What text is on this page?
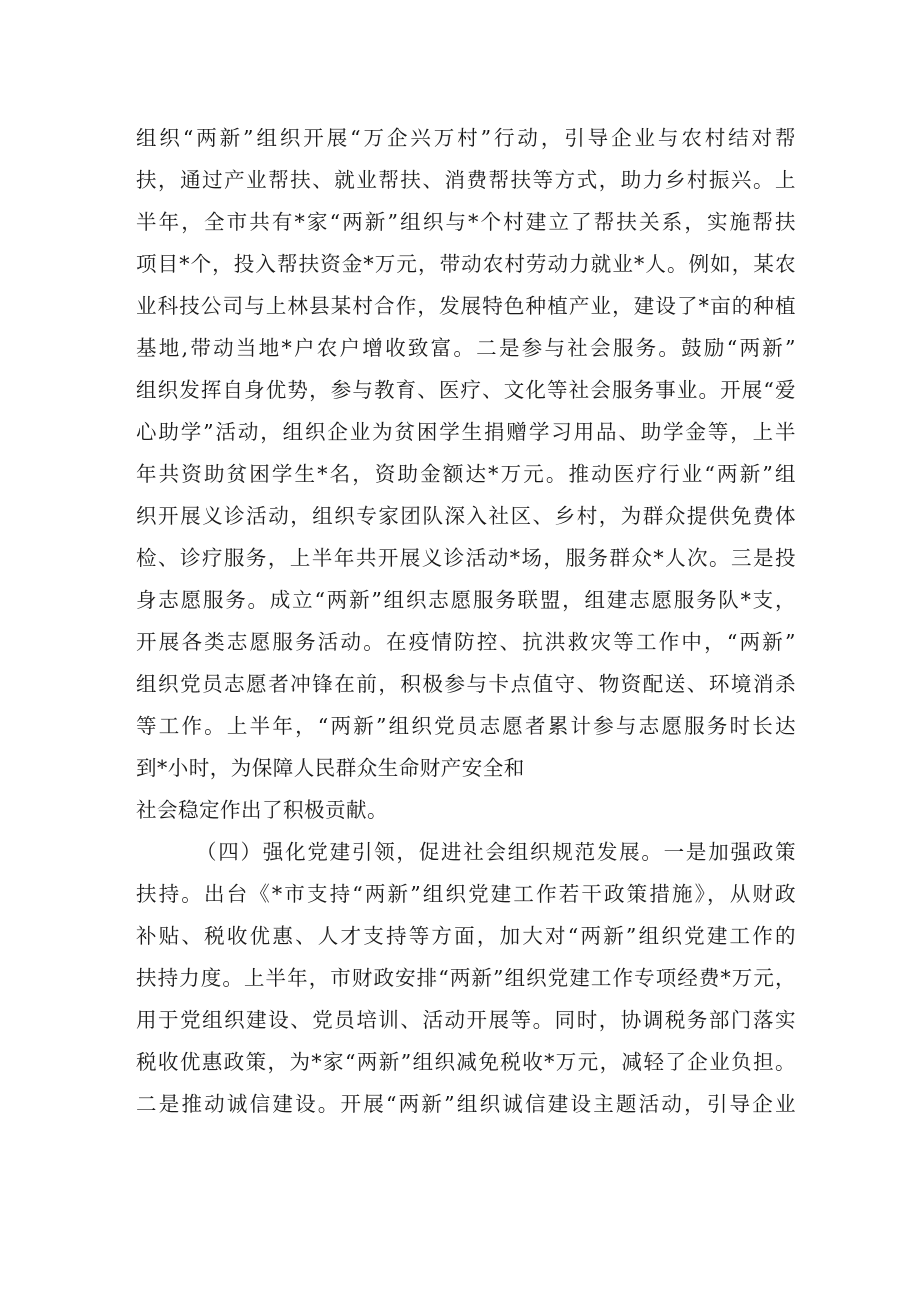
组织“两新”组织开展“万企兴万村”行动，引导企业与农村结对帮
扶，通过产业帮扶、就业帮扶、消费帮扶等方式，助力乡村振兴。上
半年，全市共有*家“两新”组织与*个村建立了帮扶关系，实施帮扶
项目*个，投入帮扶资金*万元，带动农村劳动力就业*人。例如，某农
业科技公司与上林县某村合作，发展特色种植产业，建设了*亩的种植
基地,带动当地*户农户增收致富。二是参与社会服务。鼓励“两新”
组织发挥自身优势，参与教育、医疗、文化等社会服务事业。开展“爱
心助学”活动，组织企业为贫困学生捐赠学习用品、助学金等，上半
年共资助贫困学生*名，资助金额达*万元。推动医疗行业“两新”组
织开展义诊活动，组织专家团队深入社区、乡村，为群众提供免费体
检、诊疗服务，上半年共开展义诊活动*场，服务群众*人次。三是投
身志愿服务。成立“两新”组织志愿服务联盟，组建志愿服务队*支，
开展各类志愿服务活动。在疫情防控、抗洪救灾等工作中，“两新”
组织党员志愿者冲锋在前，积极参与卡点值守、物资配送、环境消杀
等工作。上半年，“两新”组织党员志愿者累计参与志愿服务时长达
到*小时，为保障人民群众生命财产安全和
社会稳定作出了积极贡献。
（四）强化党建引领，促进社会组织规范发展。一是加强政策
扶持。出台《*市支持“两新”组织党建工作若干政策措施》，从财政
补贴、税收优惠、人才支持等方面，加大对“两新”组织党建工作的
扶持力度。上半年，市财政安排“两新”组织党建工作专项经费*万元，
用于党组织建设、党员培训、活动开展等。同时，协调税务部门落实
税收优惠政策，为*家“两新”组织减免税收*万元，减轻了企业负担。
二是推动诚信建设。开展“两新”组织诚信建设主题活动，引导企业
